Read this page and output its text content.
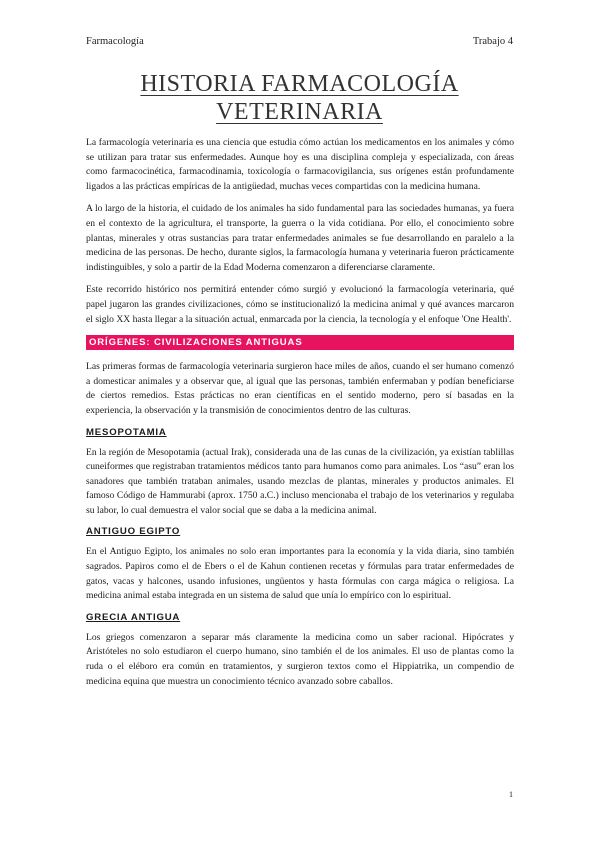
Farmacología	Trabajo 4
HISTORIA FARMACOLOGÍA
VETERINARIA

La farmacología veterinaria es una ciencia que estudia cómo actúan los medicamentos en los animales y cómo se utilizan para tratar sus enfermedades. Aunque hoy es una disciplina compleja y especializada, con áreas como farmacocinética, farmacodinamia, toxicología o farmacovigilancia, sus orígenes están profundamente ligados a las prácticas empíricas de la antigüedad, muchas veces compartidas con la medicina humana.

A lo largo de la historia, el cuidado de los animales ha sido fundamental para las sociedades humanas, ya fuera en el contexto de la agricultura, el transporte, la guerra o la vida cotidiana. Por ello, el conocimiento sobre plantas, minerales y otras sustancias para tratar enfermedades animales se fue desarrollando en paralelo a la medicina de las personas. De hecho, durante siglos, la farmacología humana y veterinaria fueron prácticamente indistinguibles, y solo a partir de la Edad Moderna comenzaron a diferenciarse claramente.

Este recorrido histórico nos permitirá entender cómo surgió y evolucionó la farmacología veterinaria, qué papel jugaron las grandes civilizaciones, cómo se institucionalizó la medicina animal y qué avances marcaron el siglo XX hasta llegar a la situación actual, enmarcada por la ciencia, la tecnología y el enfoque 'One Health'.

ORÍGENES: CIVILIZACIONES ANTIGUAS

Las primeras formas de farmacología veterinaria surgieron hace miles de años, cuando el ser humano comenzó a domesticar animales y a observar que, al igual que las personas, también enfermaban y podían beneficiarse de ciertos remedios. Estas prácticas no eran científicas en el sentido moderno, pero sí basadas en la experiencia, la observación y la transmisión de conocimientos dentro de las culturas.

MESOPOTAMIA

En la región de Mesopotamia (actual Irak), considerada una de las cunas de la civilización, ya existían tablillas cuneiformes que registraban tratamientos médicos tanto para humanos como para animales. Los “asu” eran los sanadores que también trataban animales, usando mezclas de plantas, minerales y productos animales. El famoso Código de Hammurabi (aprox. 1750 a.C.) incluso mencionaba el trabajo de los veterinarios y regulaba su labor, lo cual demuestra el valor social que se daba a la medicina animal.

ANTIGUO EGIPTO

En el Antiguo Egipto, los animales no solo eran importantes para la economía y la vida diaria, sino también sagrados. Papiros como el de Ebers o el de Kahun contienen recetas y fórmulas para tratar enfermedades de gatos, vacas y halcones, usando infusiones, ungüentos y hasta fórmulas con carga mágica o religiosa. La medicina animal estaba integrada en un sistema de salud que unía lo empírico con lo espiritual.

GRECIA ANTIGUA

Los griegos comenzaron a separar más claramente la medicina como un saber racional. Hipócrates y Aristóteles no solo estudiaron el cuerpo humano, sino también el de los animales. El uso de plantas como la ruda o el eléboro era común en tratamientos, y surgieron textos como el Hippiatrika, un compendio de medicina equina que muestra un conocimiento técnico avanzado sobre caballos.

1
